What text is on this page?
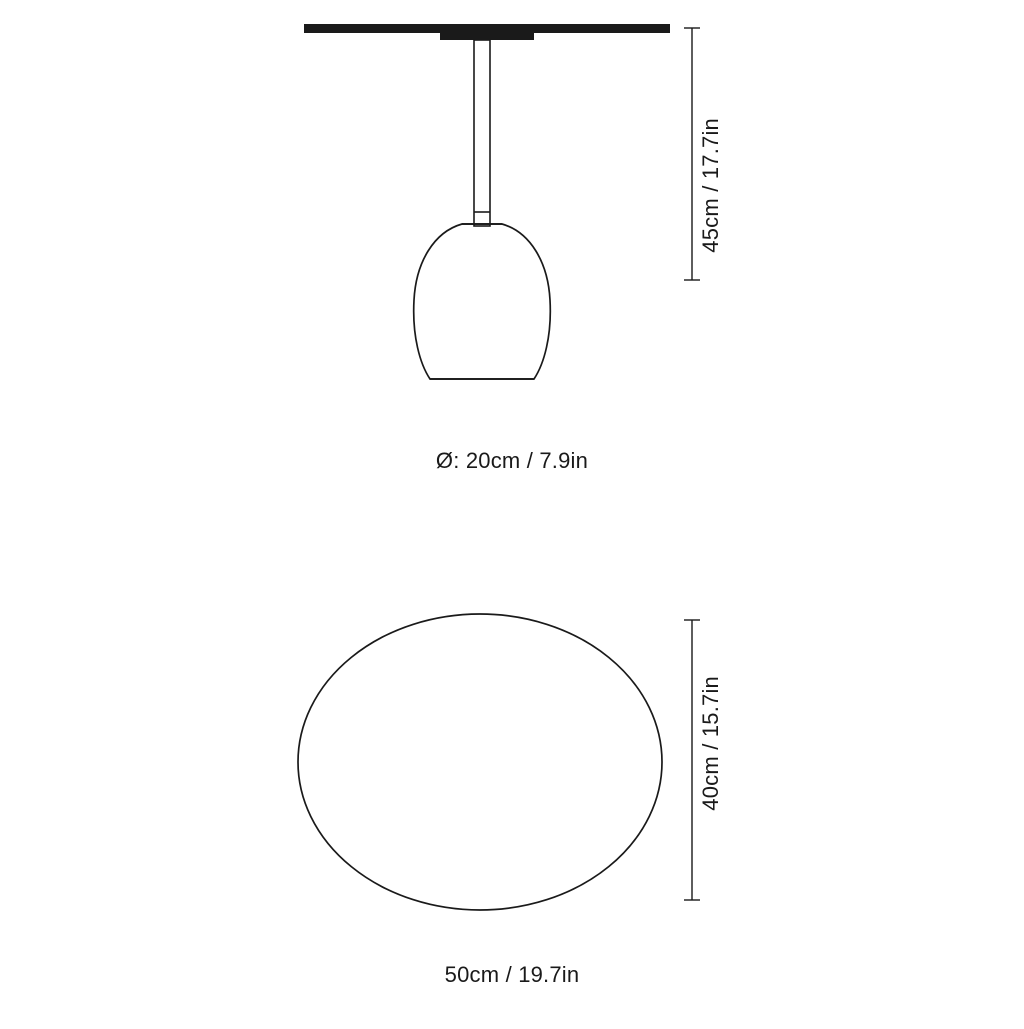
Ø: 20cm / 7.9in
50cm / 19.7in
45cm / 17.7in
40cm / 15.7in
